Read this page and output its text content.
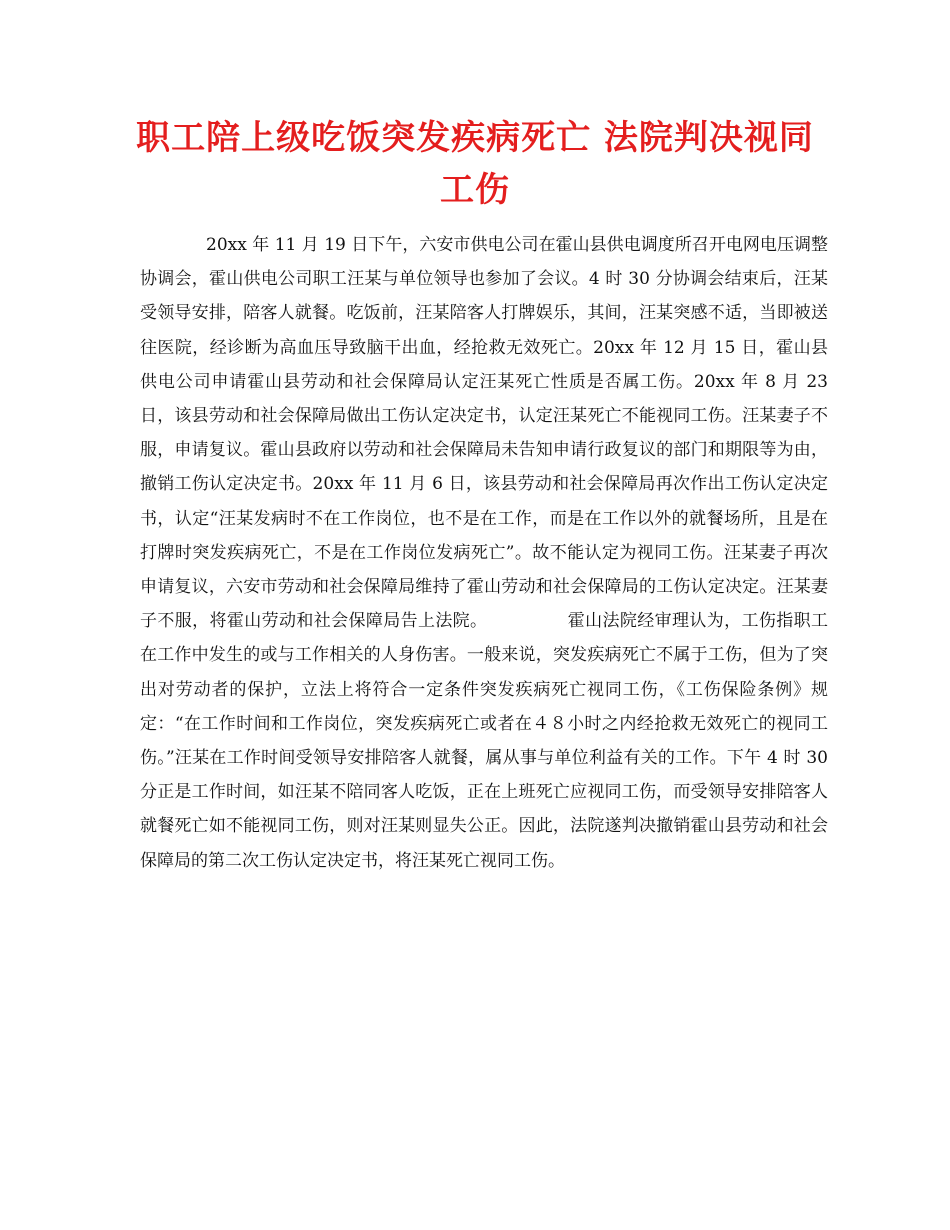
职工陪上级吃饭突发疾病死亡 法院判决视同工伤

20xx 年 11 月 19 日下午，六安市供电公司在霍山县供电调度所召开电网电压调整协调会，霍山供电公司职工汪某与单位领导也参加了会议。4 时 30 分协调会结束后，汪某受领导安排，陪客人就餐。吃饭前，汪某陪客人打牌娱乐，其间，汪某突感不适，当即被送往医院，经诊断为高血压导致脑干出血，经抢救无效死亡。20xx 年 12 月 15 日，霍山县供电公司申请霍山县劳动和社会保障局认定汪某死亡性质是否属工伤。20xx 年 8 月 23 日，该县劳动和社会保障局做出工伤认定决定书，认定汪某死亡不能视同工伤。汪某妻子不服，申请复议。霍山县政府以劳动和社会保障局未告知申请行政复议的部门和期限等为由，撤销工伤认定决定书。20xx 年 11 月 6 日，该县劳动和社会保障局再次作出工伤认定决定书，认定“汪某发病时不在工作岗位，也不是在工作，而是在工作以外的就餐场所，且是在打牌时突发疾病死亡，不是在工作岗位发病死亡”。故不能认定为视同工伤。汪某妻子再次申请复议，六安市劳动和社会保障局维持了霍山劳动和社会保障局的工伤认定决定。汪某妻子不服，将霍山劳动和社会保障局告上法院。	霍山法院经审理认为，工伤指职工在工作中发生的或与工作相关的人身伤害。一般来说，突发疾病死亡不属于工伤，但为了突出对劳动者的保护，立法上将符合一定条件突发疾病死亡视同工伤，《工伤保险条例》规定：“在工作时间和工作岗位，突发疾病死亡或者在４８小时之内经抢救无效死亡的视同工伤。”汪某在工作时间受领导安排陪客人就餐，属从事与单位利益有关的工作。下午 4 时 30 分正是工作时间，如汪某不陪同客人吃饭，正在上班死亡应视同工伤，而受领导安排陪客人就餐死亡如不能视同工伤，则对汪某则显失公正。因此，法院遂判决撤销霍山县劳动和社会保障局的第二次工伤认定决定书，将汪某死亡视同工伤。
